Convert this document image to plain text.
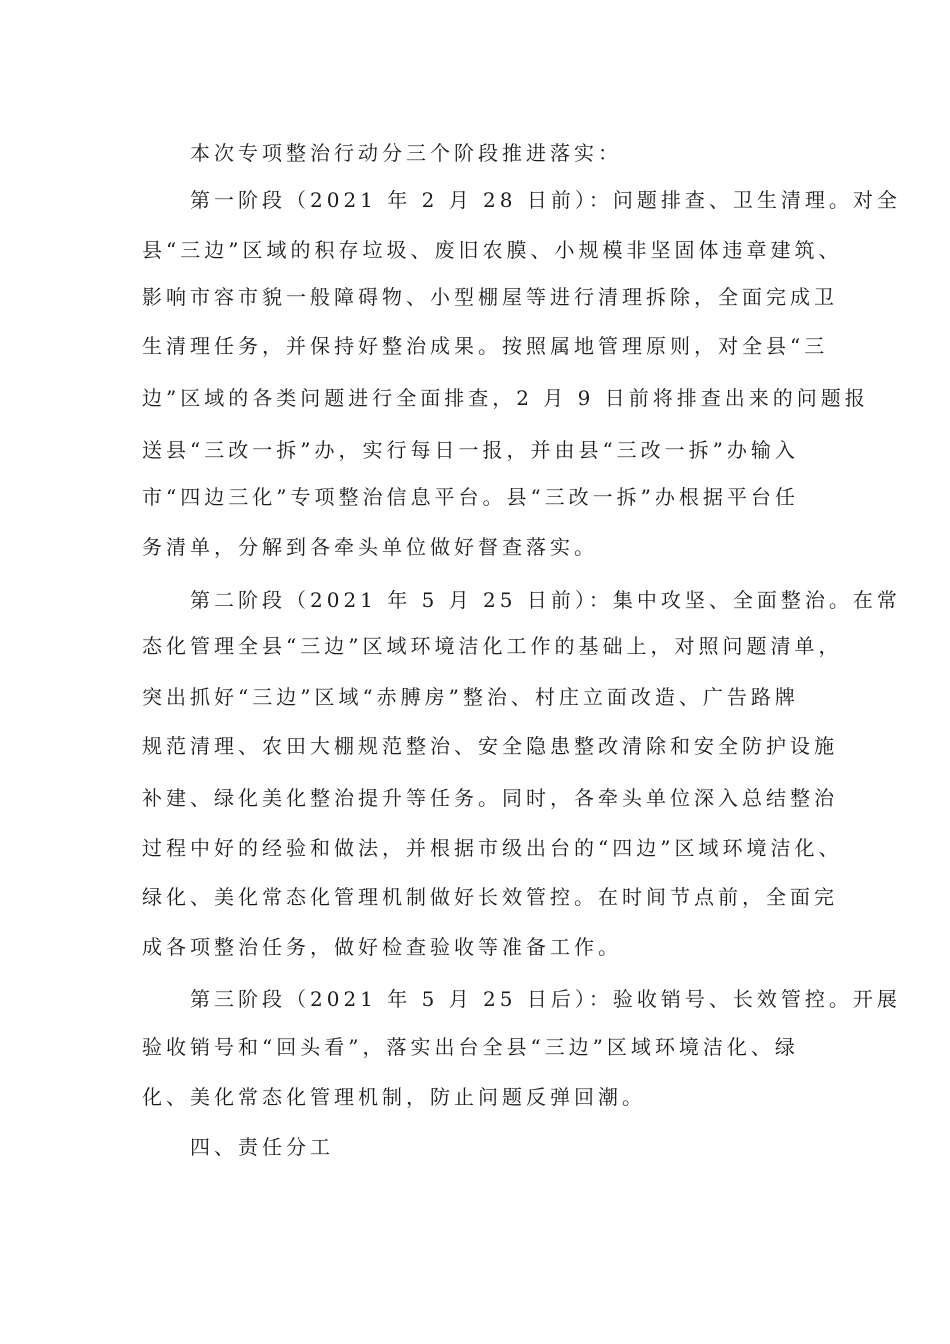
本次专项整治行动分三个阶段推进落实：
第一阶段（2021 年 2 月 28 日前）：问题排查、卫生清理。对全
县“三边”区域的积存垃圾、废旧农膜、小规模非坚固体违章建筑、
影响市容市貌一般障碍物、小型棚屋等进行清理拆除，全面完成卫
生清理任务，并保持好整治成果。按照属地管理原则，对全县“三
边”区域的各类问题进行全面排查，2 月 9 日前将排查出来的问题报
送县“三改一拆”办，实行每日一报，并由县“三改一拆”办输入
市“四边三化”专项整治信息平台。县“三改一拆”办根据平台任
务清单，分解到各牵头单位做好督查落实。
第二阶段（2021 年 5 月 25 日前）：集中攻坚、全面整治。在常
态化管理全县“三边”区域环境洁化工作的基础上，对照问题清单，
突出抓好“三边”区域“赤膊房”整治、村庄立面改造、广告路牌
规范清理、农田大棚规范整治、安全隐患整改清除和安全防护设施
补建、绿化美化整治提升等任务。同时，各牵头单位深入总结整治
过程中好的经验和做法，并根据市级出台的“四边”区域环境洁化、
绿化、美化常态化管理机制做好长效管控。在时间节点前，全面完
成各项整治任务，做好检查验收等准备工作。
第三阶段（2021 年 5 月 25 日后）：验收销号、长效管控。开展
验收销号和“回头看”，落实出台全县“三边”区域环境洁化、绿
化、美化常态化管理机制，防止问题反弹回潮。
四、责任分工
